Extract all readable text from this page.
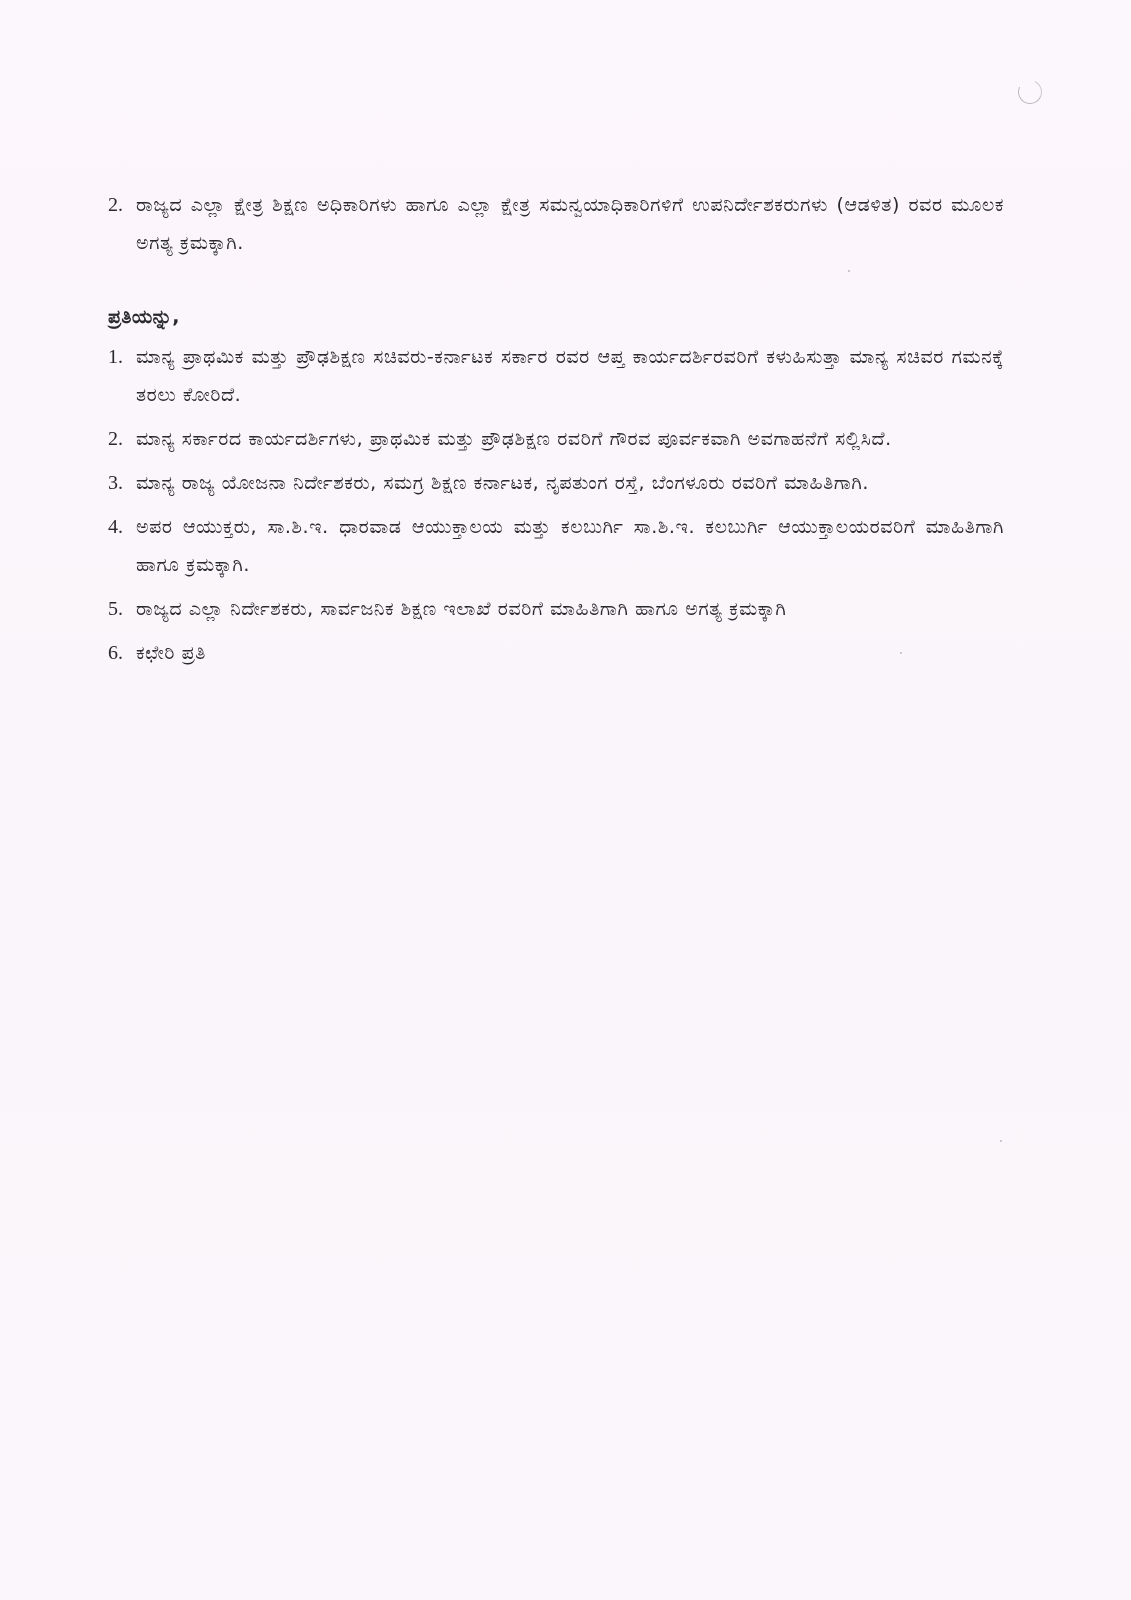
2. ರಾಜ್ಯದ ಎಲ್ಲಾ ಕ್ಷೇತ್ರ ಶಿಕ್ಷಣ ಅಧಿಕಾರಿಗಳು ಹಾಗೂ ಎಲ್ಲಾ ಕ್ಷೇತ್ರ ಸಮನ್ವಯಾಧಿಕಾರಿಗಳಿಗೆ ಉಪನಿರ್ದೇಶಕರುಗಳು (ಆಡಳಿತ) ರವರ ಮೂಲಕ ಅಗತ್ಯ ಕ್ರಮಕ್ಕಾಗಿ.
ಪ್ರತಿಯನ್ನು,
1. ಮಾನ್ಯ ಪ್ರಾಥಮಿಕ ಮತ್ತು ಪ್ರೌಢಶಿಕ್ಷಣ ಸಚಿವರು-ಕರ್ನಾಟಕ ಸರ್ಕಾರ ರವರ ಆಪ್ತ ಕಾರ್ಯದರ್ಶಿರವರಿಗೆ ಕಳುಹಿಸುತ್ತಾ ಮಾನ್ಯ ಸಚಿವರ ಗಮನಕ್ಕೆ ತರಲು ಕೋರಿದೆ.
2. ಮಾನ್ಯ ಸರ್ಕಾರದ ಕಾರ್ಯದರ್ಶಿಗಳು, ಪ್ರಾಥಮಿಕ ಮತ್ತು ಪ್ರೌಢಶಿಕ್ಷಣ ರವರಿಗೆ ಗೌರವ ಪೂರ್ವಕವಾಗಿ ಅವಗಾಹನೆಗೆ ಸಲ್ಲಿಸಿದೆ.
3. ಮಾನ್ಯ ರಾಜ್ಯ ಯೋಜನಾ ನಿರ್ದೇಶಕರು, ಸಮಗ್ರ ಶಿಕ್ಷಣ ಕರ್ನಾಟಕ, ನೃಪತುಂಗ ರಸ್ತೆ, ಬೆಂಗಳೂರು ರವರಿಗೆ ಮಾಹಿತಿಗಾಗಿ.
4. ಅಪರ ಆಯುಕ್ತರು, ಸಾ.ಶಿ.ಇ. ಧಾರವಾಡ ಆಯುಕ್ತಾಲಯ ಮತ್ತು ಕಲಬುರ್ಗಿ ಸಾ.ಶಿ.ಇ. ಕಲಬುರ್ಗಿ ಆಯುಕ್ತಾಲಯರವರಿಗೆ ಮಾಹಿತಿಗಾಗಿ ಹಾಗೂ ಕ್ರಮಕ್ಕಾಗಿ.
5. ರಾಜ್ಯದ ಎಲ್ಲಾ ನಿರ್ದೇಶಕರು, ಸಾರ್ವಜನಿಕ ಶಿಕ್ಷಣ ಇಲಾಖೆ ರವರಿಗೆ ಮಾಹಿತಿಗಾಗಿ ಹಾಗೂ ಅಗತ್ಯ ಕ್ರಮಕ್ಕಾಗಿ
6. ಕಛೇರಿ ಪ್ರತಿ
